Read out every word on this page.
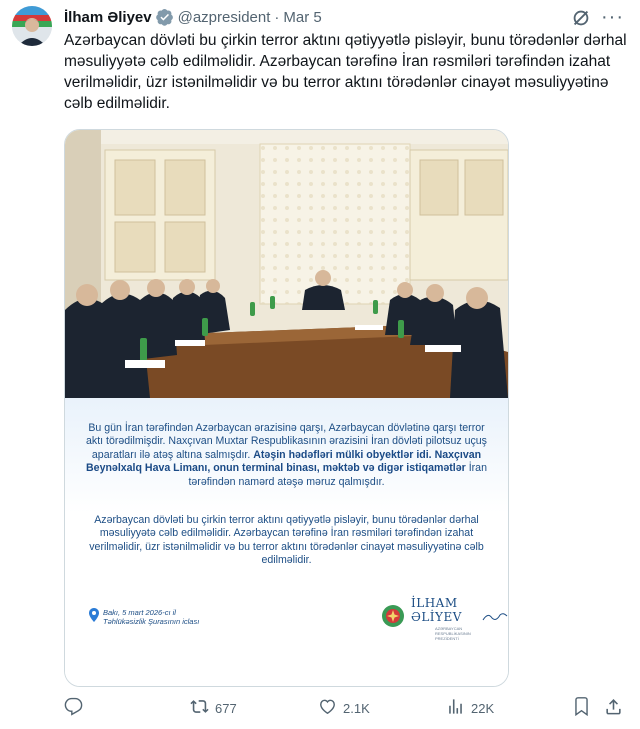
İlham Əliyev @azpresident · Mar 5	···
Azərbaycan dövləti bu çirkin terror aktını qətiyyətlə pisləyir, bunu törədənlər dərhal məsuliyyətə cəlb edilməlidir. Azərbaycan tərəfinə İran rəsmiləri tərəfindən izahat verilməlidir, üzr istənilməlidir və bu terror aktını törədənlər cinayət məsuliyyətinə cəlb edilməlidir.

Bu gün İran tərəfindən Azərbaycan ərazisinə qarşı, Azərbaycan dövlətinə qarşı terror aktı törədilmişdir. Naxçıvan Muxtar Respublikasının ərazisini İran dövləti pilotsuz uçuş aparatları ilə atəş altına salmışdır. Atəşin hədəfləri mülki obyektlər idi. Naxçıvan Beynəlxalq Hava Limanı, onun terminal binası, məktəb və digər istiqamətlər İran tərəfindən namərd atəşə məruz qalmışdır.

Azərbaycan dövləti bu çirkin terror aktını qətiyyətlə pisləyir, bunu törədənlər dərhal məsuliyyətə cəlb edilməlidir. Azərbaycan tərəfinə İran rəsmiləri tərəfindən izahat verilməlidir, üzr istənilməlidir və bu terror aktını törədənlər cinayət məsuliyyətinə cəlb edilməlidir.

Bakı, 5 mart 2026-cı il
Təhlükəsizlik Şurasının iclası
İLHAM ƏLİYEV
AZƏRBAYCAN RESPUBLİKASININ PREZİDENTİ
677	2.1K	22K
